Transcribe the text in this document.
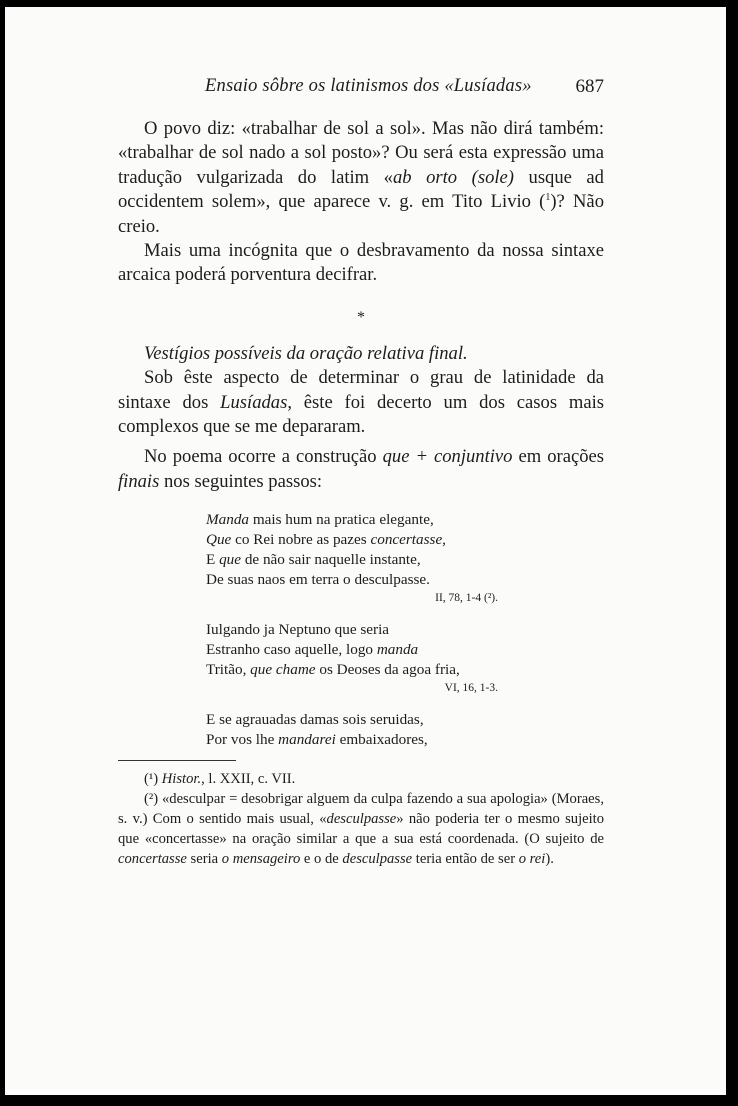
Ensaio sôbre os latinismos dos «Lusíadas» 687

O povo diz: «trabalhar de sol a sol». Mas não dirá também: «trabalhar de sol nado a sol posto»? Ou será esta expressão uma tradução vulgarizada do latim «ab orto (sole) usque ad occidentem solem», que aparece v. g. em Tito Livio ($^1$)? Não creio.

Mais uma incógnita que o desbravamento da nossa sintaxe arcaica poderá porventura decifrar.

*

Vestígios possíveis da oração relativa final.

Sob êste aspecto de determinar o grau de latinidade da sintaxe dos Lusíadas, êste foi decerto um dos casos mais complexos que se me depararam.

No poema ocorre a construção que + conjuntivo em orações finais nos seguintes passos:

Manda mais hum na pratica elegante,
Que co Rei nobre as pazes concertasse,
E que de não sair naquelle instante,
De suas naos em terra o desculpasse.
II, 78, 1-4 (²).
Iulgando ja Neptuno que seria
Estranho caso aquelle, logo manda
Tritão, que chame os Deoses da agoa fria,
VI, 16, 1-3.
E se agrauadas damas sois seruidas,
Por vos lhe mandarei embaixadores,

(¹) Histor., l. XXII, c. VII.

(²) «desculpar = desobrigar alguem da culpa fazendo a sua apologia» (Moraes, s. v.) Com o sentido mais usual, «desculpasse» não poderia ter o mesmo sujeito que «concertasse» na oração similar a que a sua está coordenada. (O sujeito de concertasse seria o mensageiro e o de desculpasse teria então de ser o rei).
